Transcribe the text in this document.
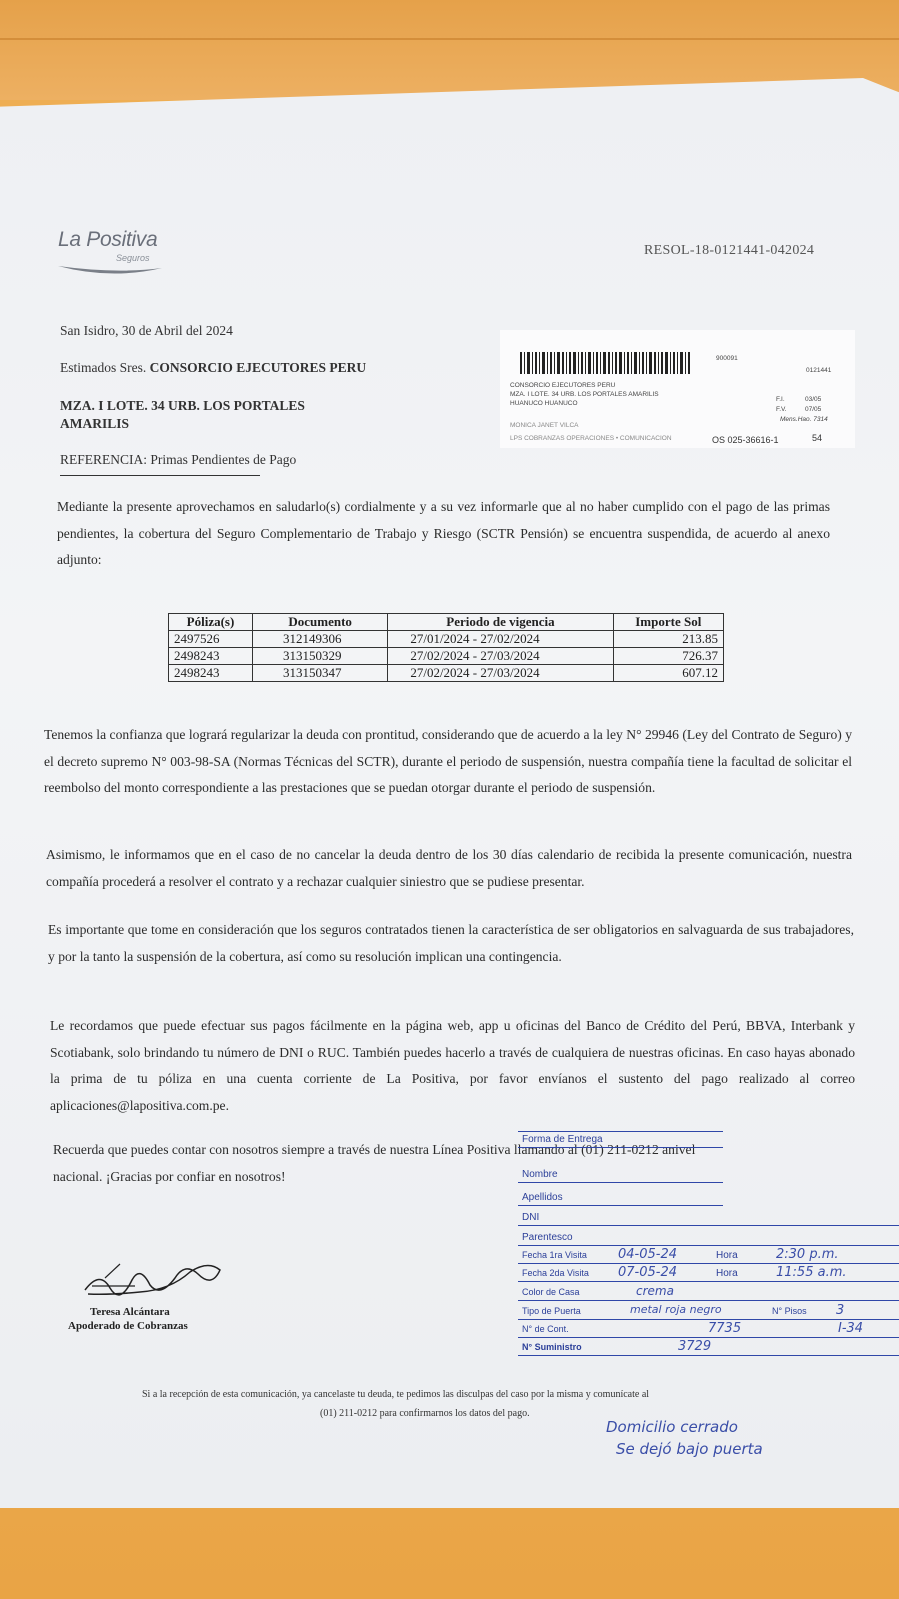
La Positiva
Seguros	RESOL-18-0121441-042024
San Isidro, 30 de Abril del 2024
Estimados Sres. CONSORCIO EJECUTORES PERU
MZA. I LOTE. 34 URB. LOS PORTALES
AMARILIS
REFERENCIA: Primas Pendientes de Pago
900091
0121441
CONSORCIO EJECUTORES PERU
MZA. I LOTE. 34 URB. LOS PORTALES AMARILIS
HUANUCO HUANUCO
F.I.	03/05
F.V.	07/05
Mens.Hao. 7314
MONICA JANET VILCA
LPS COBRANZAS OPERACIONES • COMUNICACION	OS 025-36616-1	54
Mediante la presente aprovechamos en saludarlo(s) cordialmente y a su vez informarle que al no haber cumplido con el pago de las primas pendientes, la cobertura del Seguro Complementario de Trabajo y Riesgo (SCTR Pensión) se encuentra suspendida, de acuerdo al anexo adjunto:
Póliza(s)	Documento	Periodo de vigencia	Importe Sol
2497526	312149306	27/01/2024 - 27/02/2024	213.85
2498243	313150329	27/02/2024 - 27/03/2024	726.37
2498243	313150347	27/02/2024 - 27/03/2024	607.12
Tenemos la confianza que logrará regularizar la deuda con prontitud, considerando que de acuerdo a la ley N° 29946 (Ley del Contrato de Seguro) y el decreto supremo N° 003-98-SA (Normas Técnicas del SCTR), durante el periodo de suspensión, nuestra compañía tiene la facultad de solicitar el reembolso del monto correspondiente a las prestaciones que se puedan otorgar durante el periodo de suspensión.
Asimismo, le informamos que en el caso de no cancelar la deuda dentro de los 30 días calendario de recibida la presente comunicación, nuestra compañía procederá a resolver el contrato y a rechazar cualquier siniestro que se pudiese presentar.
Es importante que tome en consideración que los seguros contratados tienen la característica de ser obligatorios en salvaguarda de sus trabajadores, y por la tanto la suspensión de la cobertura, así como su resolución implican una contingencia.
Le recordamos que puede efectuar sus pagos fácilmente en la página web, app u oficinas del Banco de Crédito del Perú, BBVA, Interbank y Scotiabank, solo brindando tu número de DNI o RUC. También puedes hacerlo a través de cualquiera de nuestras oficinas. En caso hayas abonado la prima de tu póliza en una cuenta corriente de La Positiva, por favor envíanos el sustento del pago realizado al correo aplicaciones@lapositiva.com.pe.
Recuerda que puedes contar con nosotros siempre a través de nuestra Línea Positiva llamando al (01) 211-0212 anivel
nacional. ¡Gracias por confiar en nosotros!
Teresa Alcántara
Apoderado de Cobranzas
Forma de Entrega
Nombre
Apellidos
DNI
Parentesco
Fecha 1ra Visita 04-05-24	Hora	2:30 p.m.
Fecha 2da Visita 07-05-24	Hora	11:55 a.m.
Color de Casa	crema
Tipo de Puerta	metal roja negro	N° Pisos 3
N° de Cont.	7735	I-34
N° Suministro	3729
Domicilio cerrado
Se dejó bajo puerta
Si a la recepción de esta comunicación, ya cancelaste tu deuda, te pedimos las disculpas del caso por la misma y comunícate al
(01) 211-0212 para confirmarnos los datos del pago.
